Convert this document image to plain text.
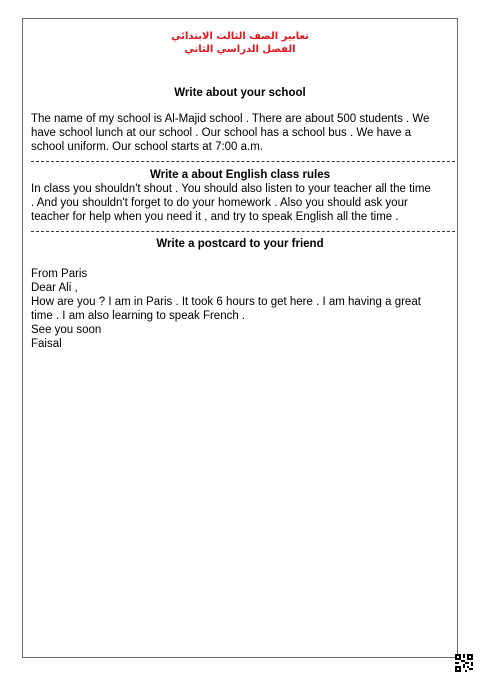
تعابير الصف الثالث الابتدائي
الفصل الدراسي الثاني
Write about your school
The name of my school is Al-Majid school . There are about 500 students . We
have school lunch at our school . Our school has a school bus . We have a
school uniform. Our school starts at 7:00 a.m.
Write a about English class rules
In class you shouldn't shout . You should also listen to your teacher all the time
. And you shouldn't forget to do your homework . Also you should ask your
teacher for help when you need it , and try to speak English all the time .
Write a postcard to your friend
From Paris
Dear Ali ,
How are you ? I am in Paris . It took 6 hours to get here . I am having a great
time . I am also learning to speak French .
See you soon
Faisal
